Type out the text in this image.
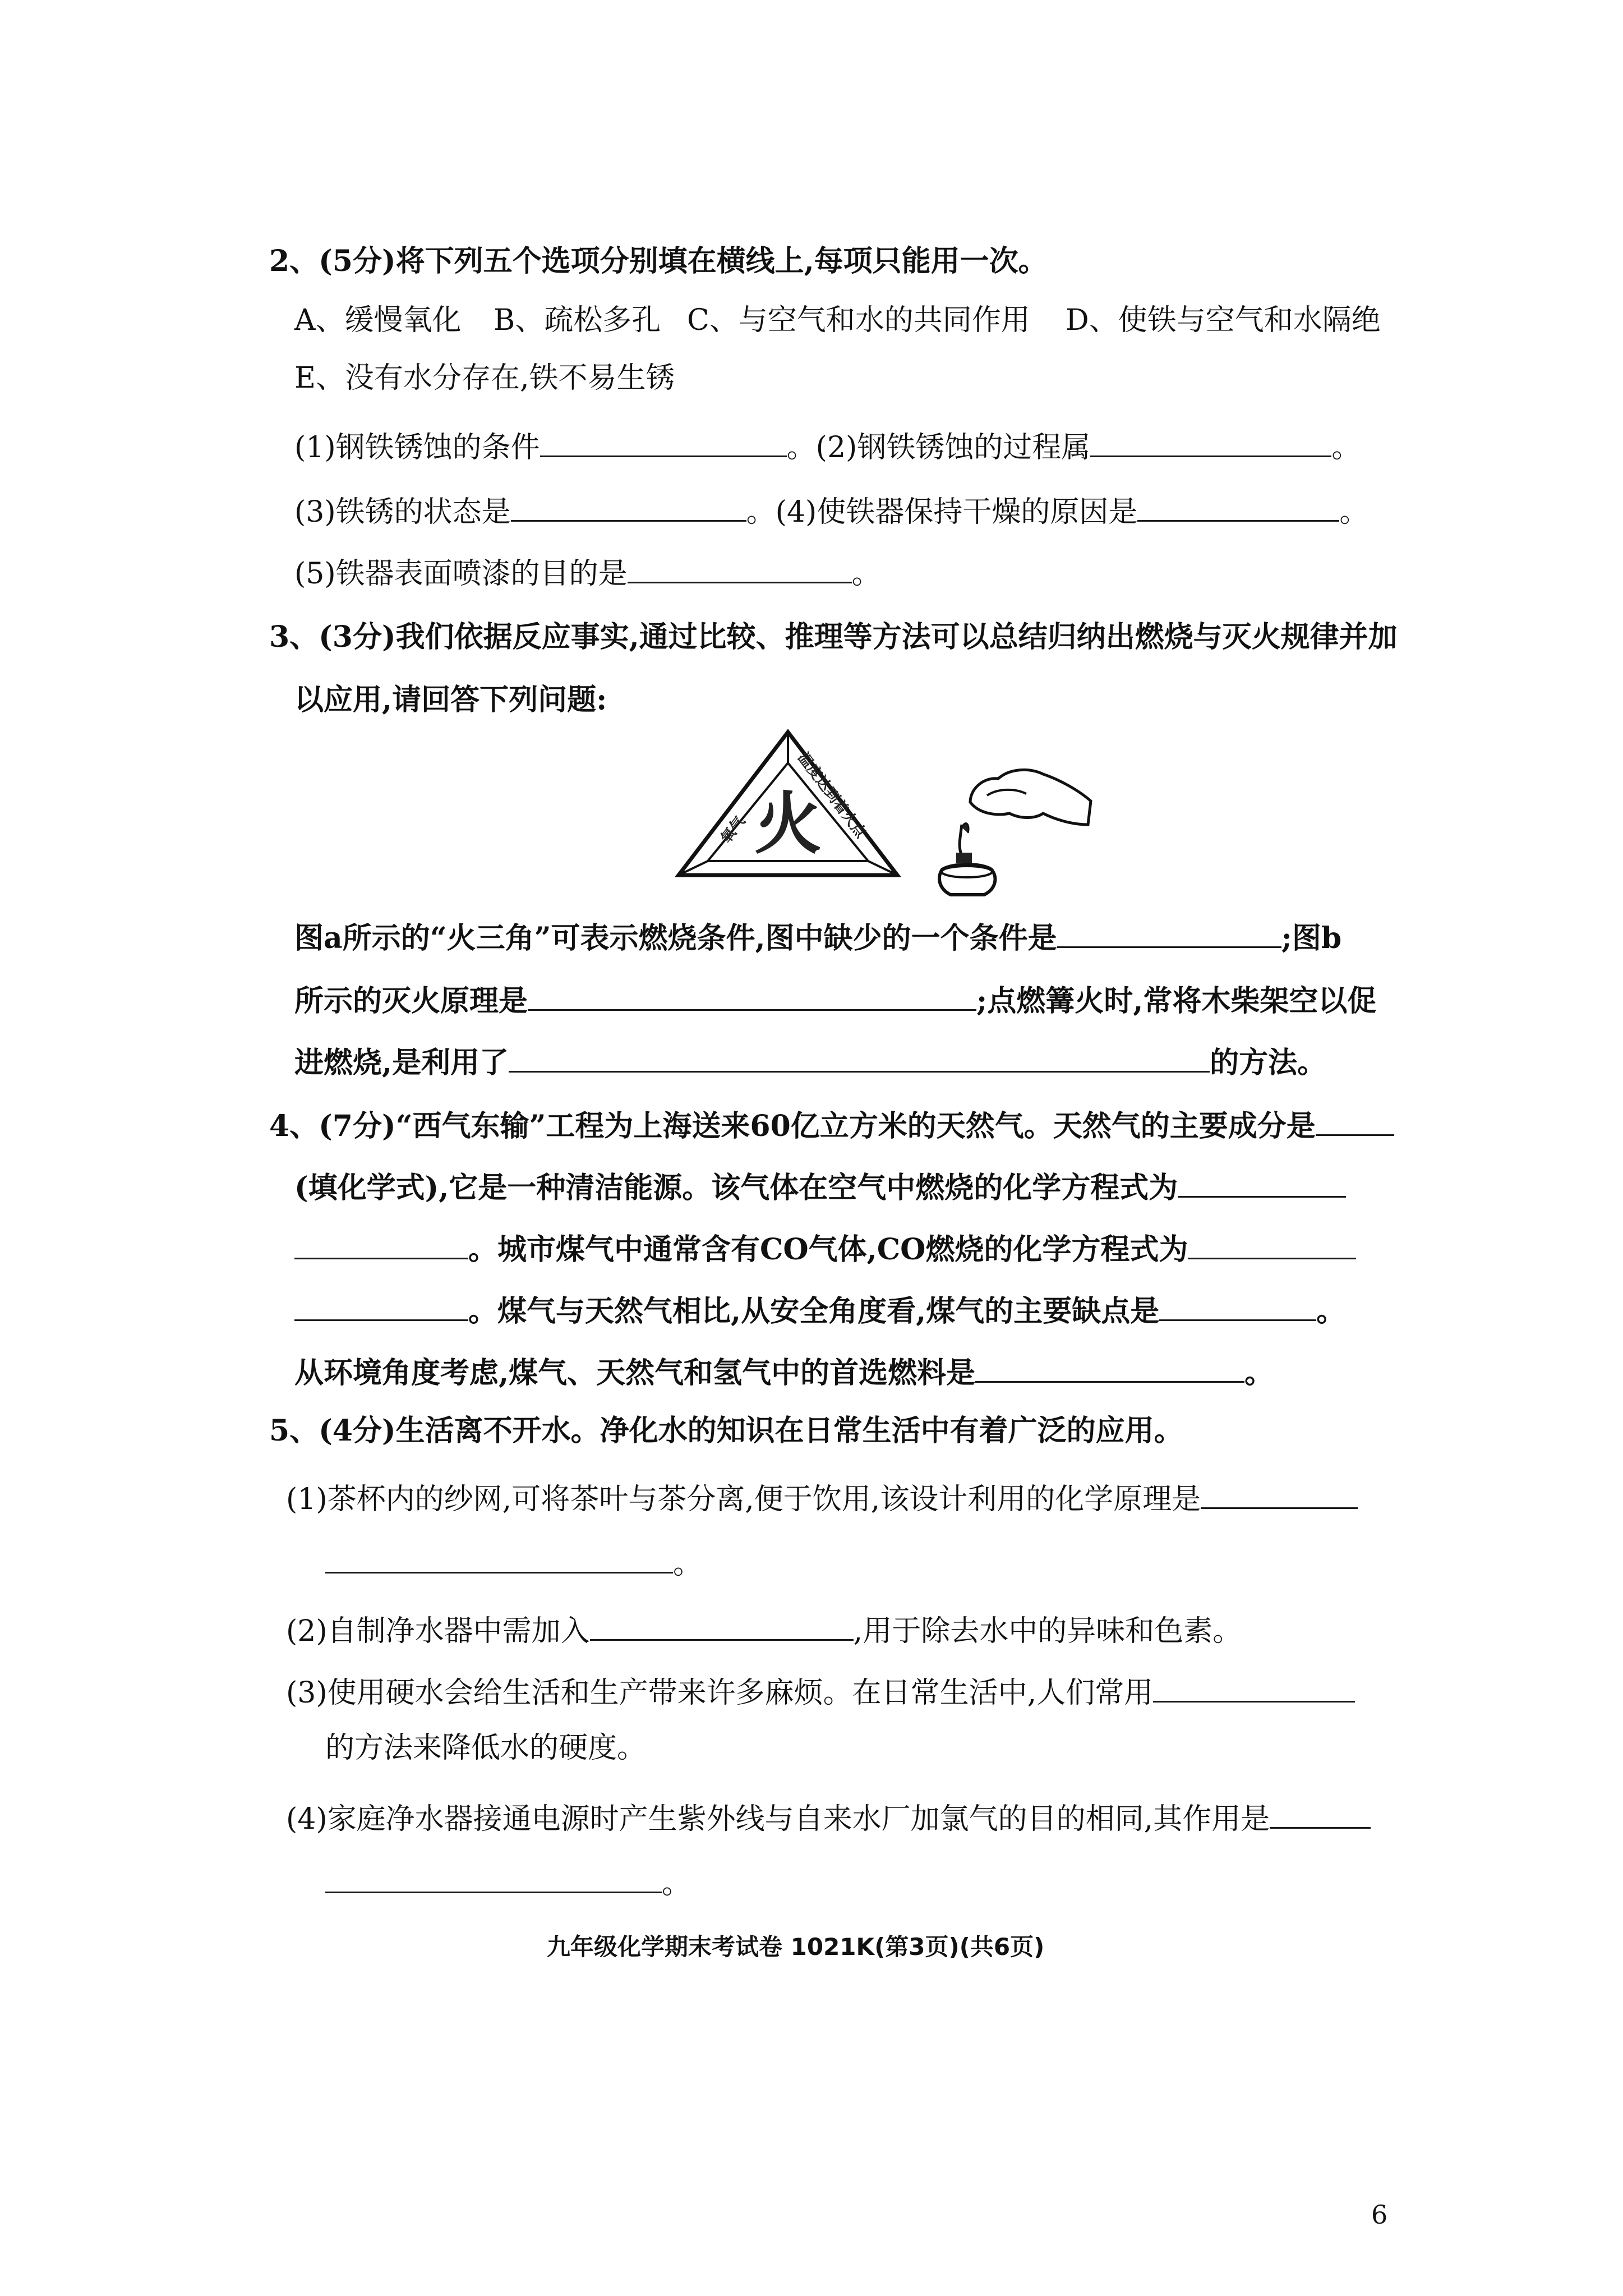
2、(5分)将下列五个选项分别填在横线上,每项只能用一次。
A、缓慢氧化 B、疏松多孔 C、与空气和水的共同作用 D、使铁与空气和水隔绝
E、没有水分存在,铁不易生锈
(1)钢铁锈蚀的条件	。(2)钢铁锈蚀的过程属	。
(3)铁锈的状态是	。(4)使铁器保持干燥的原因是	。
(5)铁器表面喷漆的目的是	。
3、(3分)我们依据反应事实,通过比较、推理等方法可以总结归纳出燃烧与灭火规律并加
以应用,请回答下列问题:
火
氧气	温度达到着火点
图a所示的“火三角”可表示燃烧条件,图中缺少的一个条件是	;图b
所示的灭火原理是	;点燃篝火时,常将木柴架空以促
进燃烧,是利用了	的方法。
4、(7分)“西气东输”工程为上海送来60亿立方米的天然气。天然气的主要成分是
(填化学式),它是一种清洁能源。该气体在空气中燃烧的化学方程式为
。城市煤气中通常含有CO气体,CO燃烧的化学方程式为
。煤气与天然气相比,从安全角度看,煤气的主要缺点是	。
从环境角度考虑,煤气、天然气和氢气中的首选燃料是	。
5、(4分)生活离不开水。净化水的知识在日常生活中有着广泛的应用。
(1)茶杯内的纱网,可将茶叶与茶分离,便于饮用,该设计利用的化学原理是
。
(2)自制净水器中需加入	,用于除去水中的异味和色素。
(3)使用硬水会给生活和生产带来许多麻烦。在日常生活中,人们常用
的方法来降低水的硬度。
(4)家庭净水器接通电源时产生紫外线与自来水厂加氯气的目的相同,其作用是
。
九年级化学期末考试卷 1021K(第3页)(共6页)
6
